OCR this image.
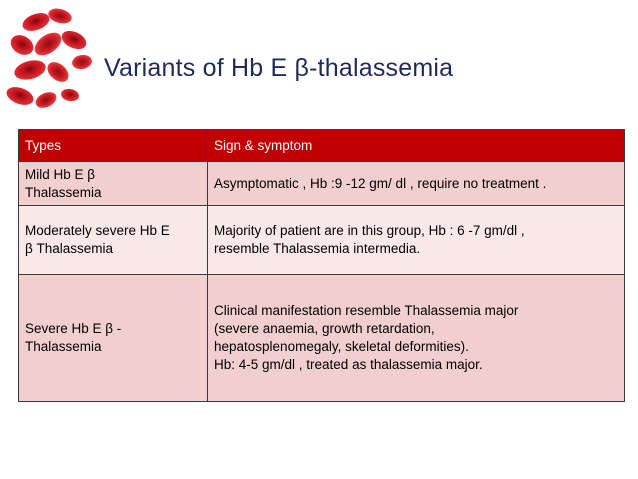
Variants of Hb E β-thalassemia
Types	Sign & symptom

Mild Hb E β
Thalassemia	Asymptomatic , Hb :9 -12 gm/ dl , require no treatment .

Moderately severe Hb E
β Thalassemia	Majority of patient are in this group, Hb : 6 -7 gm/dl ,
resemble Thalassemia intermedia.

Severe Hb E β -
Thalassemia	Clinical manifestation resemble Thalassemia major
(severe anaemia, growth retardation,
hepatosplenomegaly, skeletal deformities).
Hb: 4-5 gm/dl , treated as thalassemia major.
